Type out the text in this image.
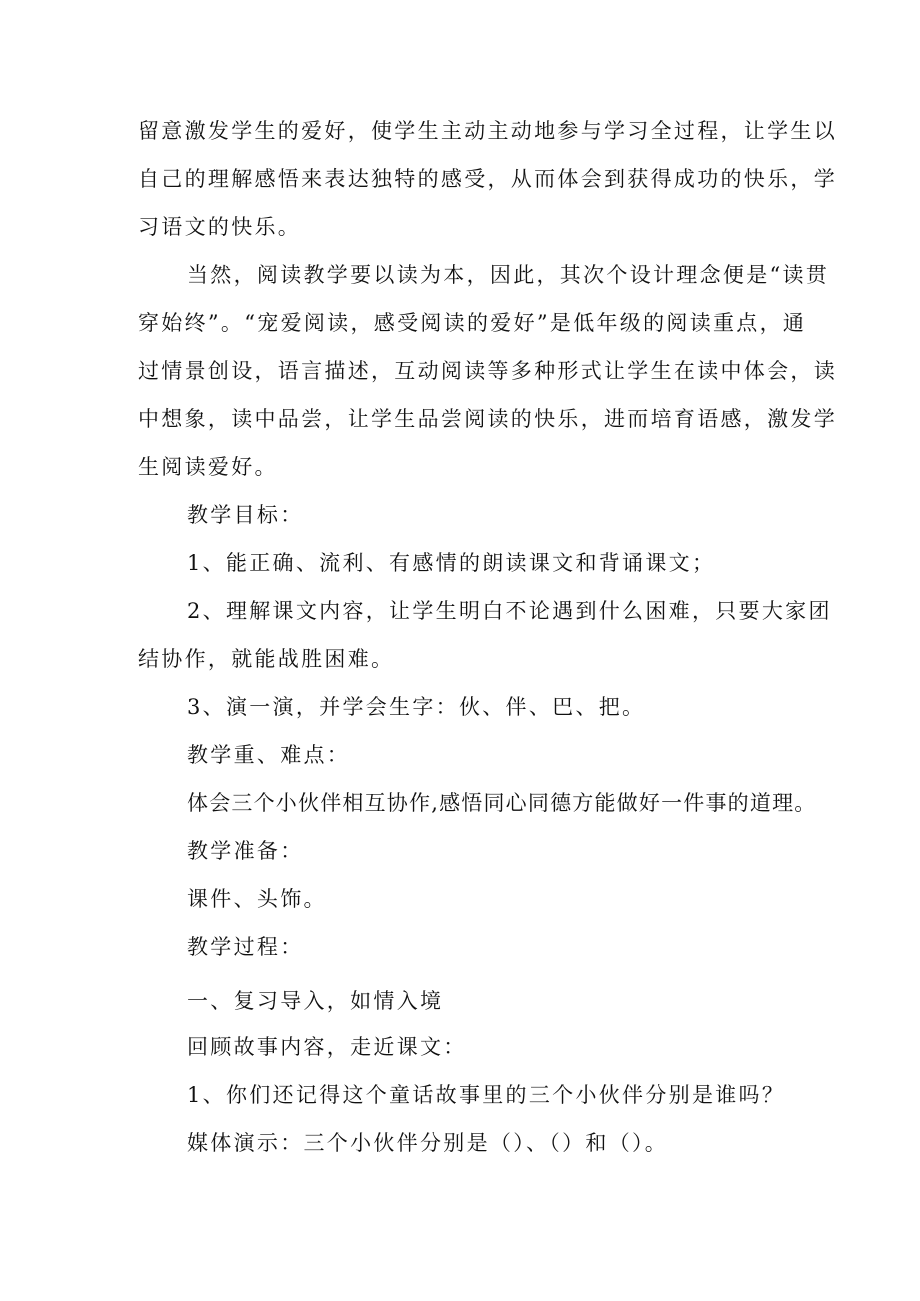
留意激发学生的爱好，使学生主动主动地参与学习全过程，让学生以
自己的理解感悟来表达独特的感受，从而体会到获得成功的快乐，学
习语文的快乐。
当然，阅读教学要以读为本，因此，其次个设计理念便是“读贯
穿始终”。“宠爱阅读，感受阅读的爱好”是低年级的阅读重点，通
过情景创设，语言描述，互动阅读等多种形式让学生在读中体会，读
中想象，读中品尝，让学生品尝阅读的快乐，进而培育语感，激发学
生阅读爱好。
教学目标：
1、能正确、流利、有感情的朗读课文和背诵课文；
2、理解课文内容，让学生明白不论遇到什么困难，只要大家团
结协作，就能战胜困难。
3、演一演，并学会生字：伙、伴、巴、把。
教学重、难点：
体会三个小伙伴相互协作,感悟同心同德方能做好一件事的道理。
教学准备：
课件、头饰。
教学过程：
一、复习导入，如情入境
回顾故事内容，走近课文：
1、你们还记得这个童话故事里的三个小伙伴分别是谁吗？
媒体演示：三个小伙伴分别是（）、（）和（）。
